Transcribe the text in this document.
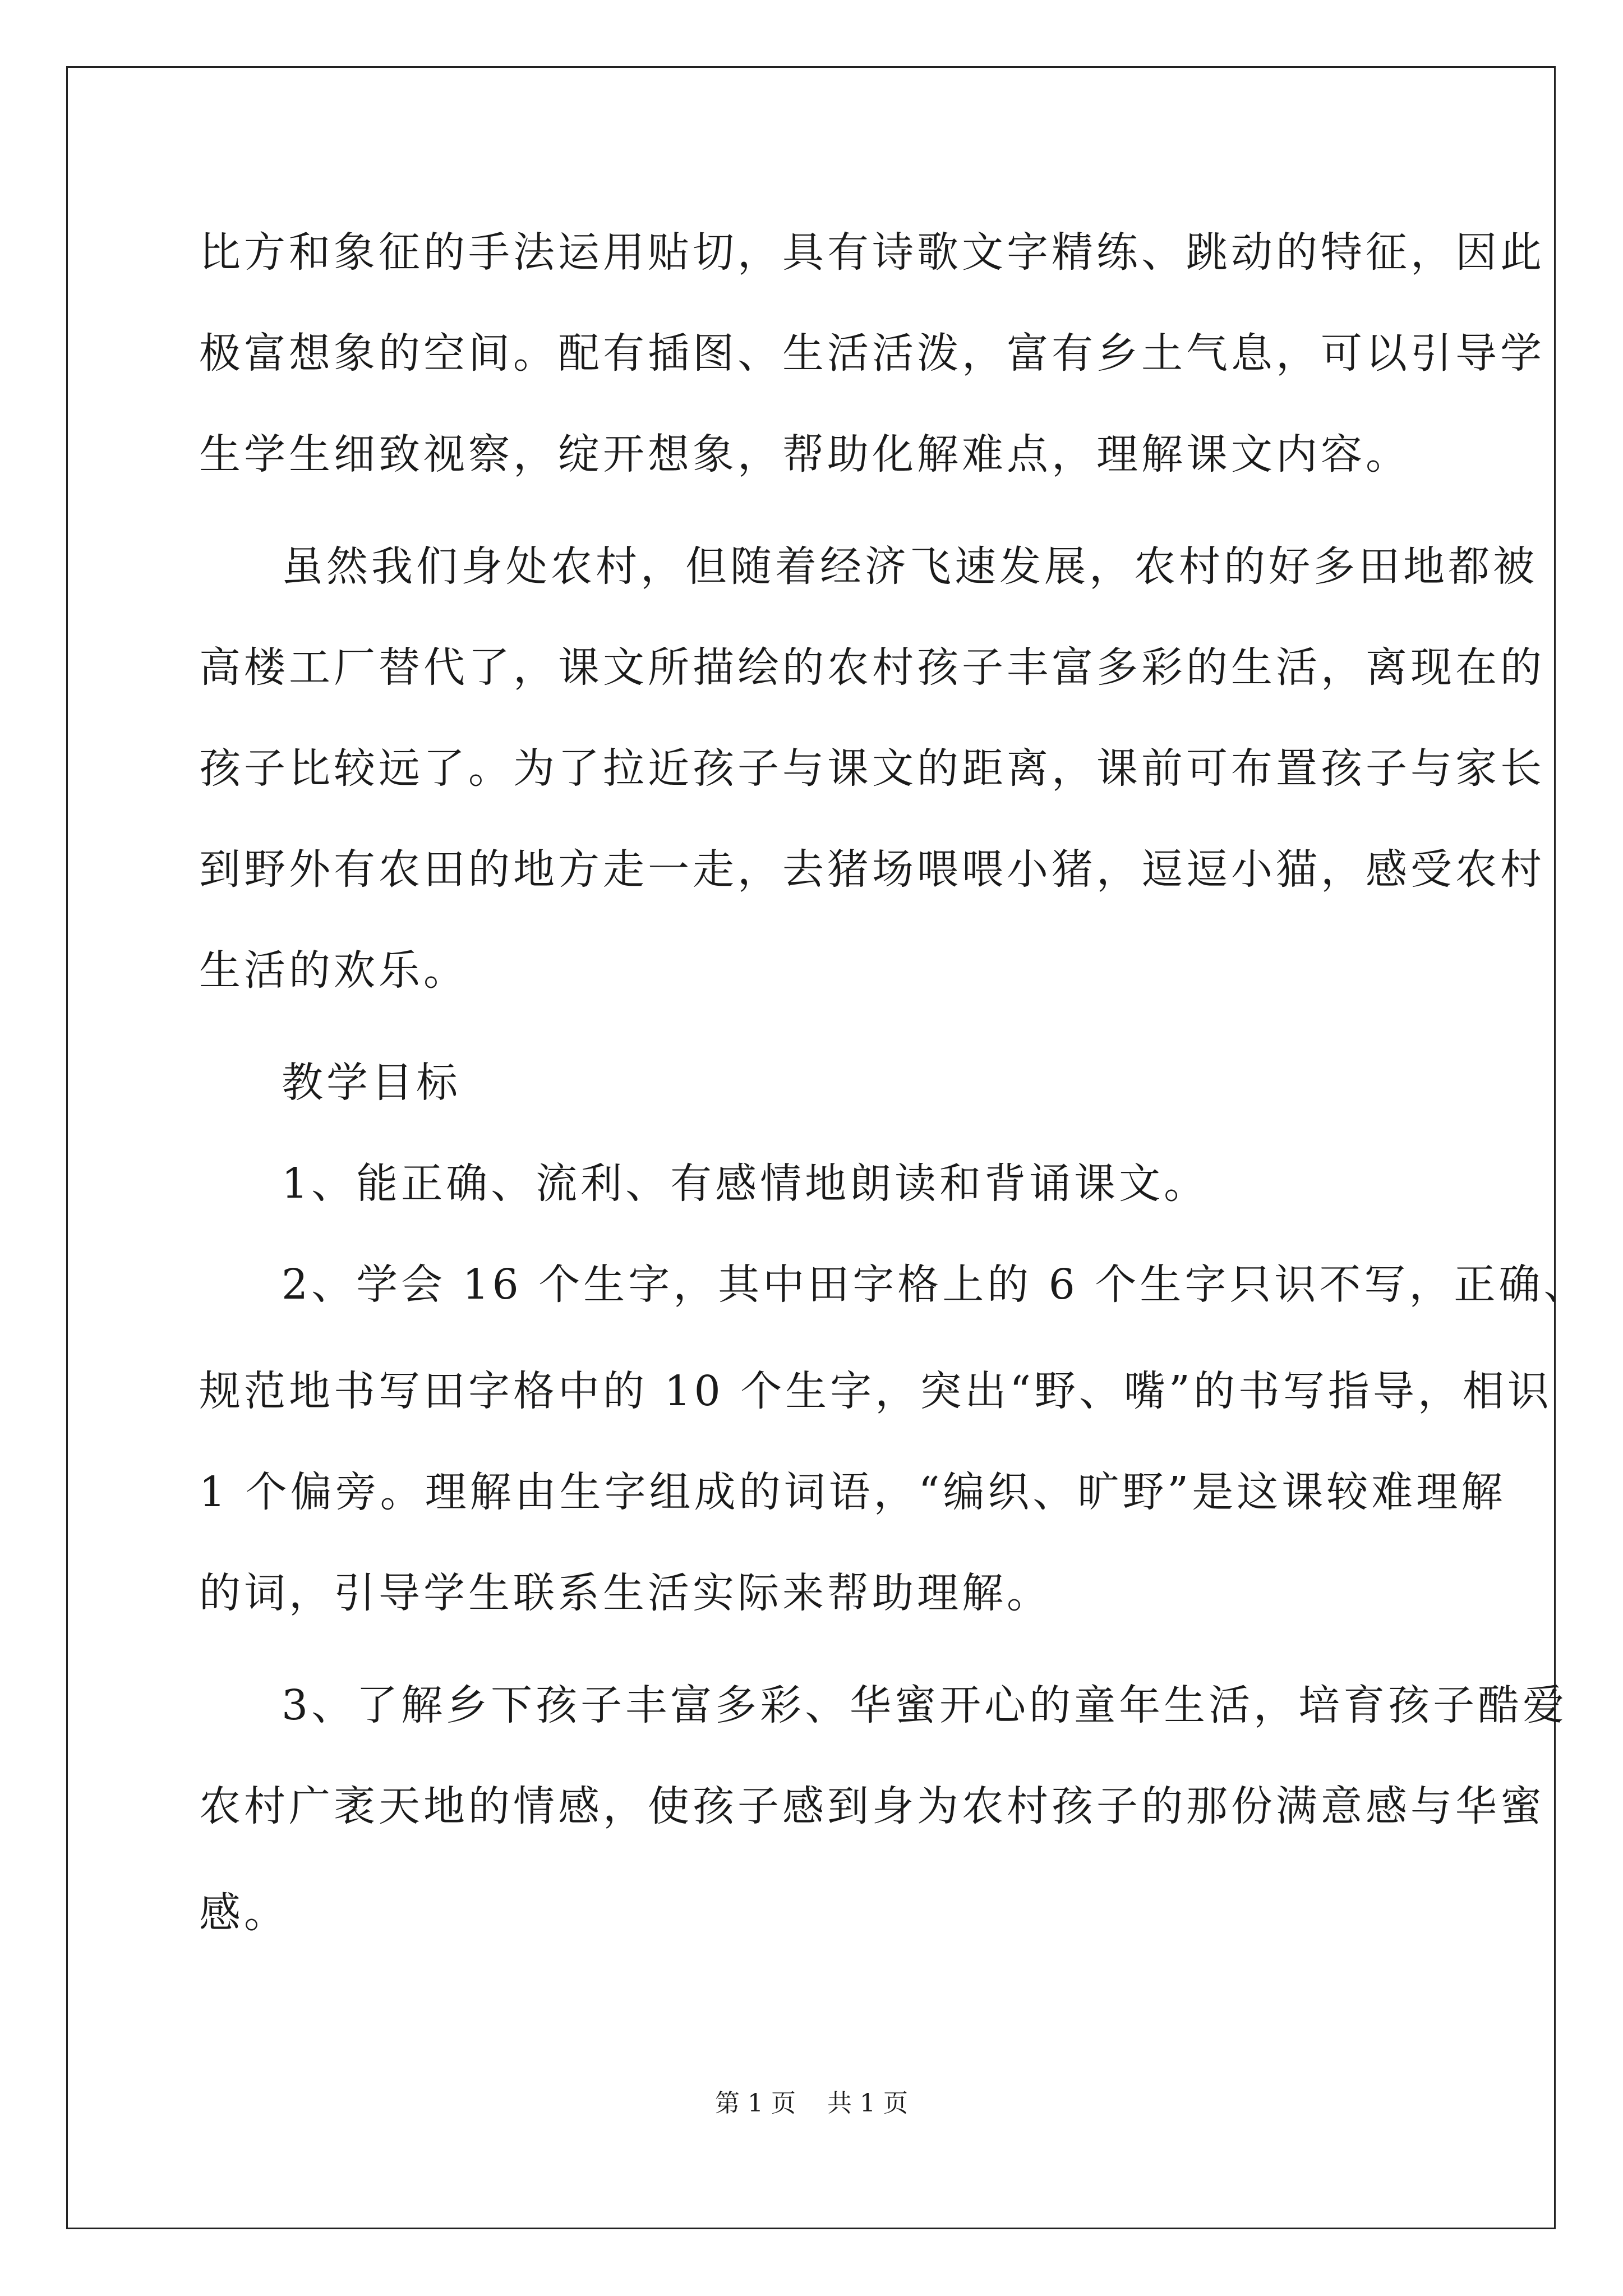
比方和象征的手法运用贴切，具有诗歌文字精练、跳动的特征，因此
极富想象的空间。配有插图、生活活泼，富有乡土气息，可以引导学
生学生细致视察，绽开想象，帮助化解难点，理解课文内容。
虽然我们身处农村，但随着经济飞速发展，农村的好多田地都被
高楼工厂替代了，课文所描绘的农村孩子丰富多彩的生活，离现在的
孩子比较远了。为了拉近孩子与课文的距离，课前可布置孩子与家长
到野外有农田的地方走一走，去猪场喂喂小猪，逗逗小猫，感受农村
生活的欢乐。
教学目标
1、能正确、流利、有感情地朗读和背诵课文。
2、学会 16 个生字，其中田字格上的 6 个生字只识不写，正确、
规范地书写田字格中的 10 个生字，突出“野、嘴”的书写指导，相识
1 个偏旁。理解由生字组成的词语，“编织、旷野”是这课较难理解
的词，引导学生联系生活实际来帮助理解。
3、了解乡下孩子丰富多彩、华蜜开心的童年生活，培育孩子酷爱
农村广袤天地的情感，使孩子感到身为农村孩子的那份满意感与华蜜
感。
第 1 页 共 1 页
